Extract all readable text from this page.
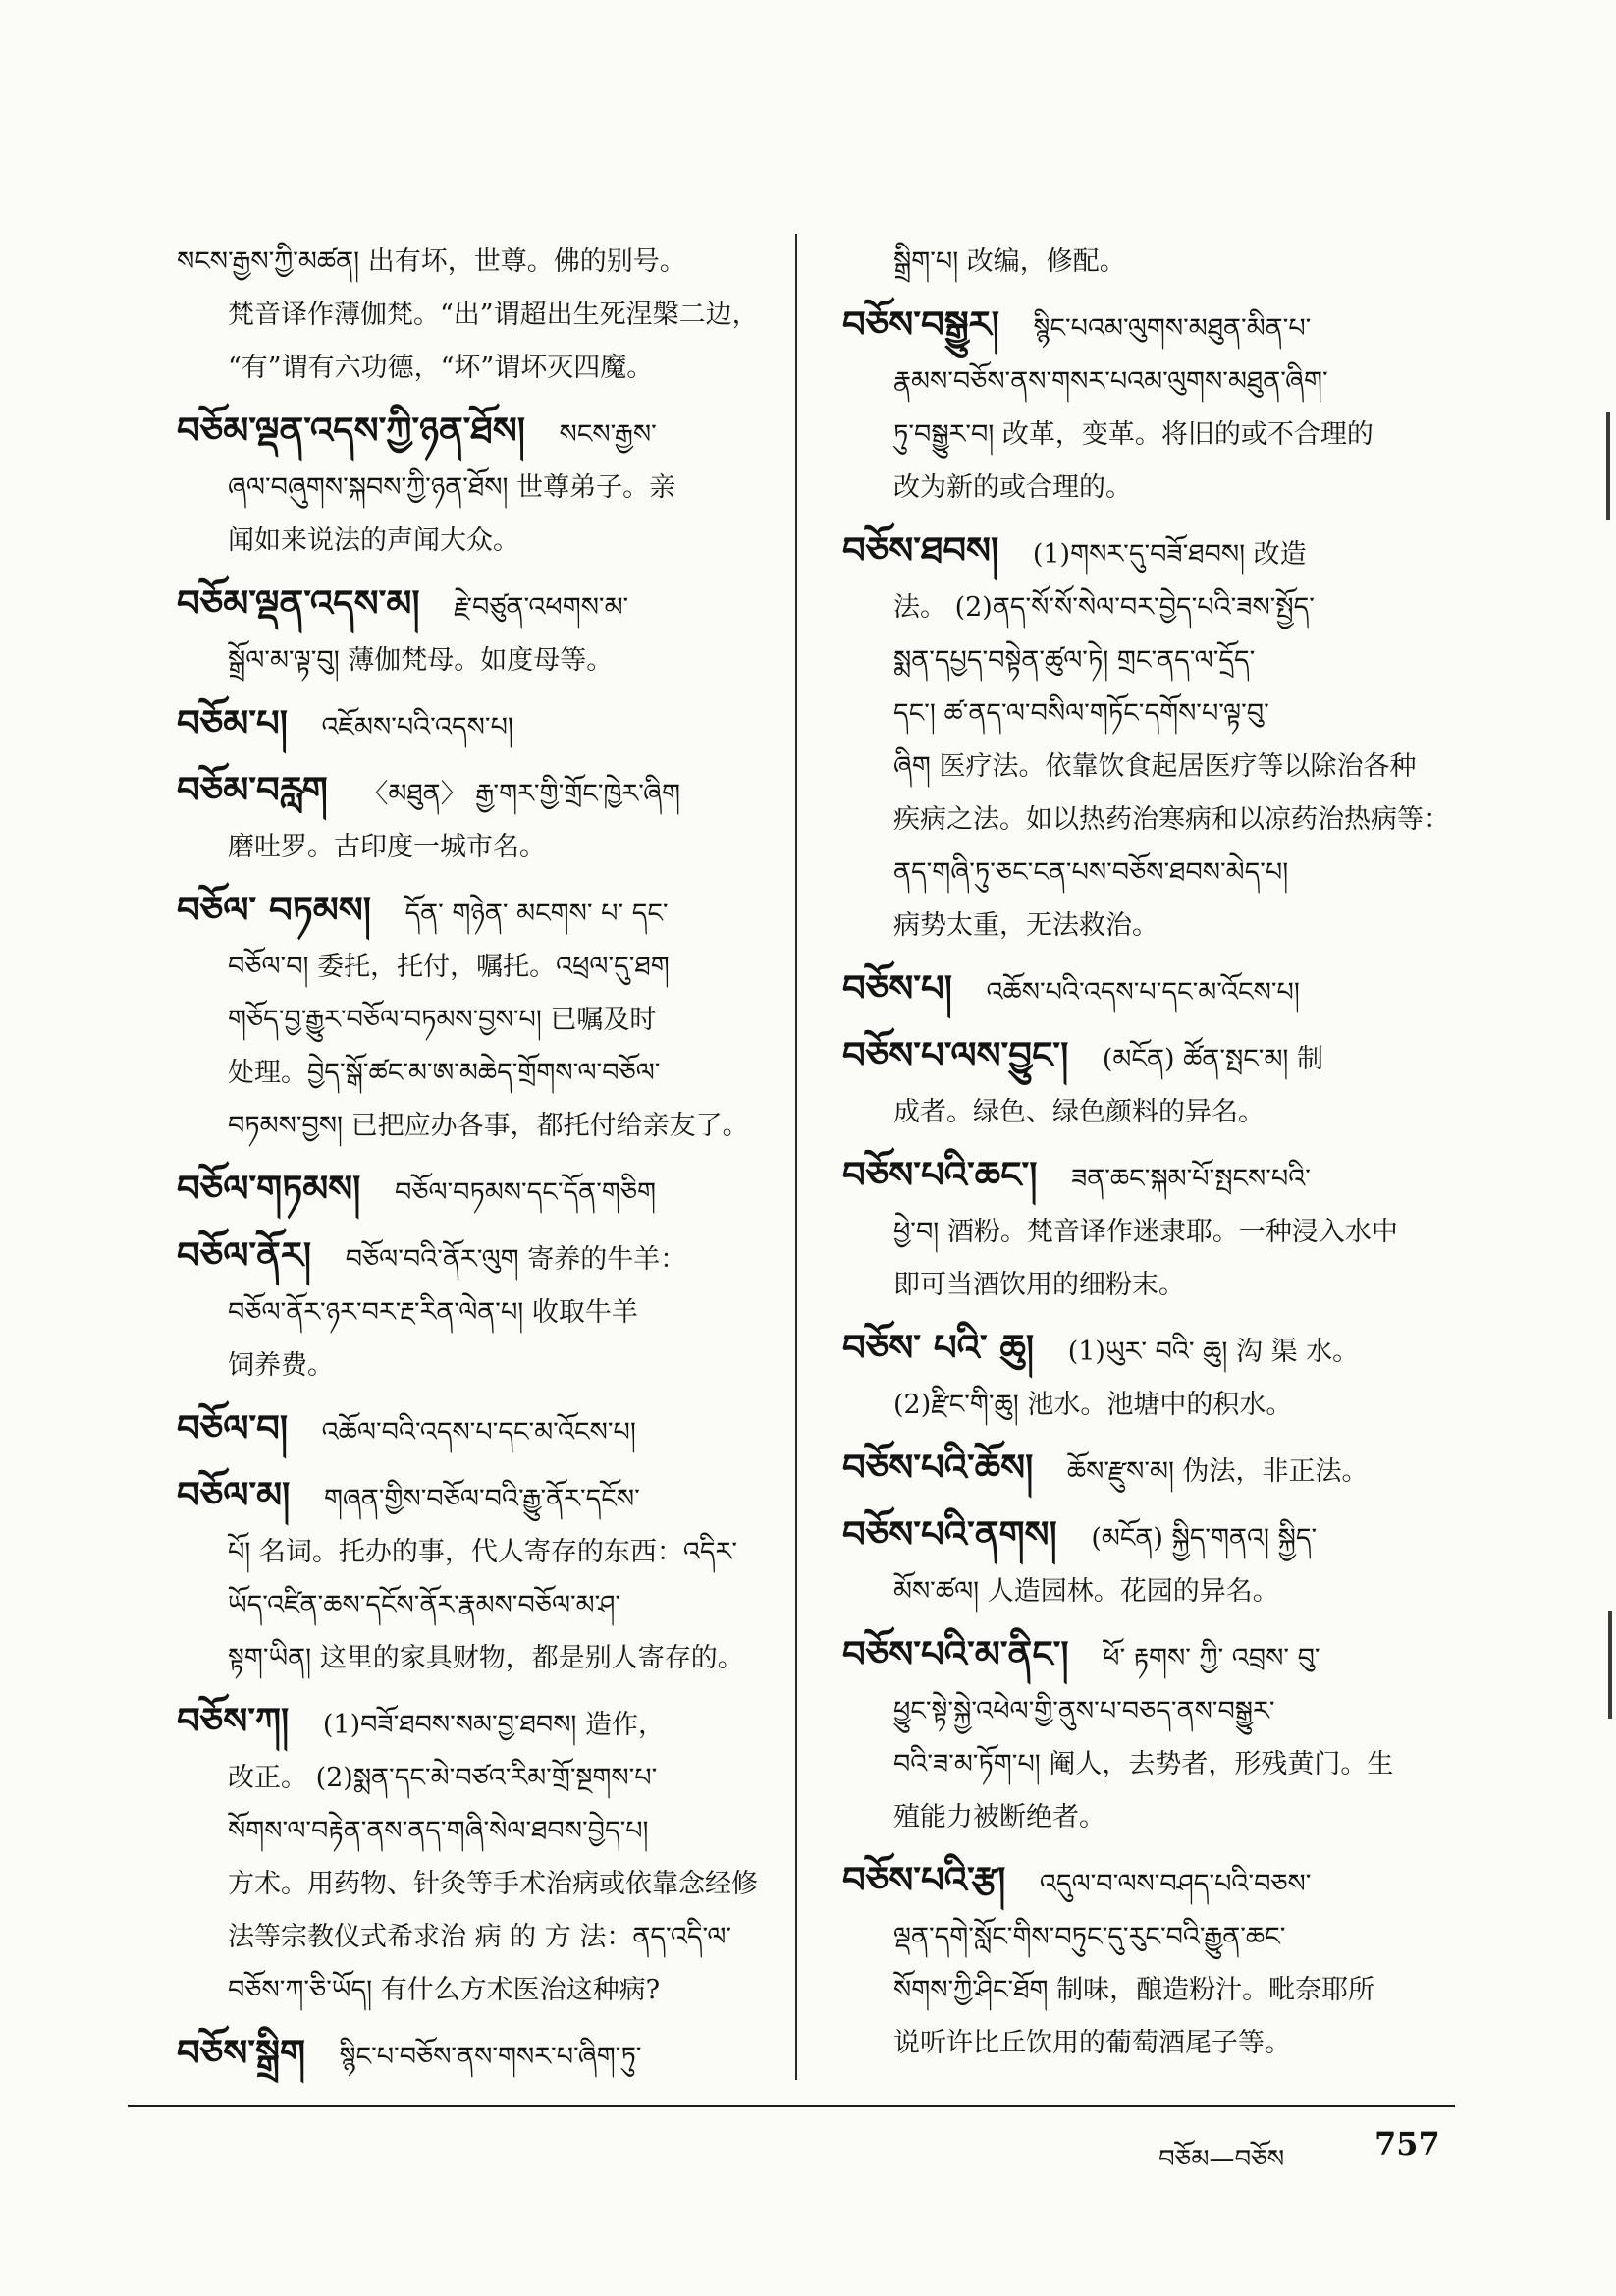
སངས་རྒྱས་ཀྱི་མཚན། 出有坏，世尊。佛的别号。
梵音译作薄伽梵。“出”谓超出生死涅槃二边，
“有”谓有六功德，“坏”谓坏灭四魔。
བཅོམ་ལྡན་འདས་ཀྱི་ཉན་ཐོས། སངས་རྒྱས་
ཞལ་བཞུགས་སྐབས་ཀྱི་ཉན་ཐོས། 世尊弟子。亲
闻如来说法的声闻大众。
བཅོམ་ལྡན་འདས་མ། རྗེ་བཙུན་འཕགས་མ་
སྒྲོལ་མ་ལྟ་བུ། 薄伽梵母。如度母等。
བཅོམ་པ། འཇོམས་པའི་འདས་པ།
བཅོམ་བརླག 〈མཐུན〉 རྒྱ་གར་གྱི་གྲོང་ཁྱེར་ཞིག
磨吐罗。古印度一城市名。
བཅོལ་ བཏམས། དོན་ གཉེན་ མངགས་ པ་ དང་
བཅོལ་བ། 委托，托付，嘱托。འཕྲལ་དུ་ཐག
གཅོད་བྱ་རྒྱུར་བཅོལ་བཏམས་བྱས་པ། 已嘱及时
处理。བྱེད་སྒོ་ཚང་མ་ཨ་མཆེད་གྲོགས་ལ་བཅོལ་
བཏམས་བྱས། 已把应办各事，都托付给亲友了。
བཅོལ་གཏམས། བཅོལ་བཏམས་དང་དོན་གཅིག
བཅོལ་ནོར། བཅོལ་བའི་ནོར་ལུག 寄养的牛羊：
བཅོལ་ནོར་ཉར་བར་རྔ་རིན་ལེན་པ། 收取牛羊
饲养费。
བཅོལ་བ། འཆོལ་བའི་འདས་པ་དང་མ་འོངས་པ།
བཅོལ་མ། གཞན་གྱིས་བཅོལ་བའི་རྒྱུ་ནོར་དངོས་
པོ། 名词。托办的事，代人寄存的东西：འདིར་
ཡོད་འཛིན་ཆས་དངོས་ནོར་རྣམས་བཅོལ་མ་ཤ་
སྟག་ཡིན། 这里的家具财物，都是别人寄存的。
བཅོས་ཀ། (1)བཟོ་ཐབས་སམ་བྱ་ཐབས། 造作，
改正。 (2)སྨན་དང་མེ་བཙའ་རིམ་གྲོ་སྔགས་པ་
སོགས་ལ་བརྟེན་ནས་ནད་གཞི་སེལ་ཐབས་བྱེད་པ།
方术。用药物、针灸等手术治病或依靠念经修
法等宗教仪式希求治 病 的 方 法：ནད་འདི་ལ་
བཅོས་ཀ་ཅི་ཡོད། 有什么方术医治这种病?
བཅོས་སྒྲིག སྙིང་པ་བཅོས་ནས་གསར་པ་ཞིག་ཏུ་
སྒྲིག་པ། 改编，修配。
བཅོས་བསྒྱུར། སྙིང་པའམ་ལུགས་མཐུན་མིན་པ་
རྣམས་བཅོས་ནས་གསར་པའམ་ལུགས་མཐུན་ཞིག་
ཏུ་བསྒྱུར་བ། 改革，变革。将旧的或不合理的
改为新的或合理的。
བཅོས་ཐབས། (1)གསར་དུ་བཟོ་ཐབས། 改造
法。 (2)ནད་སོ་སོ་སེལ་བར་བྱེད་པའི་ཟས་སྤྱོད་
སྨན་དཔྱད་བསྟེན་ཚུལ་ཏེ། གྲང་ནད་ལ་དྲོད་
དང་། ཚ་ནད་ལ་བསིལ་གཏོང་དགོས་པ་ལྟ་བུ་
ཞིག 医疗法。依靠饮食起居医疗等以除治各种
疾病之法。如以热药治寒病和以凉药治热病等：
ནད་གཞི་ཏུ་ཅང་ངན་པས་བཅོས་ཐབས་མེད་པ།
病势太重，无法救治。
བཅོས་པ། འཆོས་པའི་འདས་པ་དང་མ་འོངས་པ།
བཅོས་པ་ལས་བྱུང་། (མངོན) ཚོན་སྤང་མ། 制
成者。绿色、绿色颜料的异名。
བཅོས་པའི་ཆང་། ཟན་ཆང་སྐམ་པོ་སྤངས་པའི་
ཕྱེ་བ། 酒粉。梵音译作迷隶耶。一种浸入水中
即可当酒饮用的细粉末。
བཅོས་ པའི་ ཆུ། (1)ཡུར་ བའི་ ཆུ། 沟 渠 水。
(2)རྫིང་གི་ཆུ། 池水。池塘中的积水。
བཅོས་པའི་ཆོས། ཆོས་རྫུས་མ། 伪法，非正法。
བཅོས་པའི་ནགས། (མངོན) སྐྱིད་གནའ། སྐྱིད་
མོས་ཚལ། 人造园林。花园的异名。
བཅོས་པའི་མ་ནིང་། ཕོ་ རྟགས་ ཀྱི་ འབྲས་ བུ་
ཕྱུང་སྟེ་སྐྱེ་འཕེལ་གྱི་ནུས་པ་བཅད་ནས་བསྒྱུར་
བའི་ཟ་མ་ཏོག་པ། 阉人，去势者，形残黄门。生
殖能力被断绝者。
བཅོས་པའི་རྩ། འདུལ་བ་ལས་བཤད་པའི་བཅས་
ལྡན་དགེ་སློང་གིས་བཏུང་དུ་རུང་བའི་རྒྱུན་ཆང་
སོགས་ཀྱི་ཤིང་ཐོག 制味，酿造粉汁。毗奈耶所
说听许比丘饮用的葡萄酒尾子等。
བཅོམ—བཅོས	757
